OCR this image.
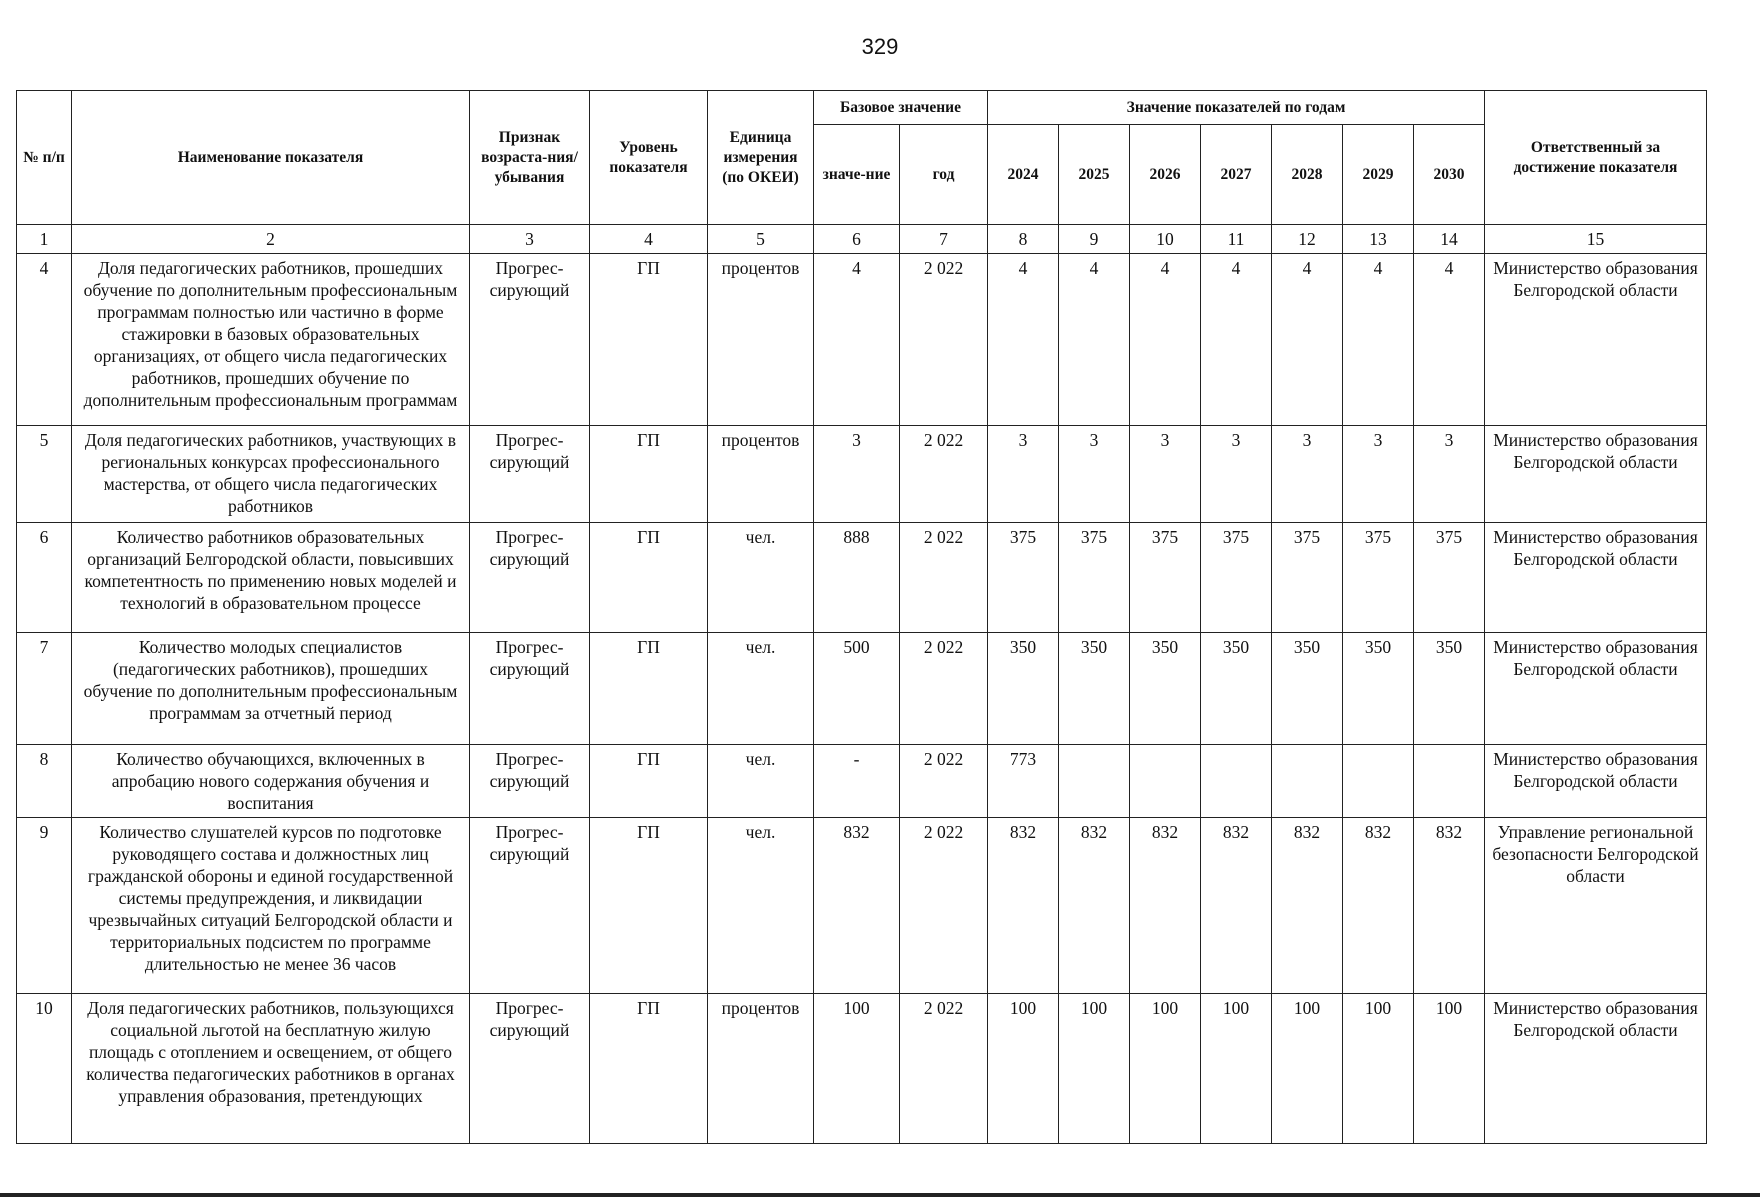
329
№ п/п	Наименование показателя	Признак возраста-ния/ убывания	Уровень показателя	Единица измерения (по ОКЕИ)	Базовое значение		Значение показателей по годам							Ответственный за достижение показателя
					значе-ние	год	2024	2025	2026	2027	2028	2029	2030	
1	2	3	4	5	6	7	8	9	10	11	12	13	14	15
4	Доля педагогических работников, прошедших обучение по дополнительным профессиональным программам полностью или частично в форме стажировки в базовых образовательных организациях, от общего числа педагогических работников, прошедших обучение по дополнительным профессиональным программам	Прогрес-сирующий	ГП	процентов	4	2 022	4	4	4	4	4	4	4	Министерство образования Белгородской области
5	Доля педагогических работников, участвующих в региональных конкурсах профессионального мастерства, от общего числа педагогических работников	Прогрес-сирующий	ГП	процентов	3	2 022	3	3	3	3	3	3	3	Министерство образования Белгородской области
6	Количество работников образовательных организаций Белгородской области, повысивших компетентность по применению новых моделей и технологий в образовательном процессе	Прогрес-сирующий	ГП	чел.	888	2 022	375	375	375	375	375	375	375	Министерство образования Белгородской области
7	Количество молодых специалистов (педагогических работников), прошедших обучение по дополнительным профессиональным программам за отчетный период	Прогрес-сирующий	ГП	чел.	500	2 022	350	350	350	350	350	350	350	Министерство образования Белгородской области
8	Количество обучающихся, включенных в апробацию нового содержания обучения и воспитания	Прогрес-сирующий	ГП	чел.	-	2 022	773							Министерство образования Белгородской области
9	Количество слушателей курсов по подготовке руководящего состава и должностных лиц гражданской обороны и единой государственной системы предупреждения, и ликвидации чрезвычайных ситуаций Белгородской области и территориальных подсистем по программе длительностью не менее 36 часов	Прогрес-сирующий	ГП	чел.	832	2 022	832	832	832	832	832	832	832	Управление региональной безопасности Белгородской области
10	Доля педагогических работников, пользующихся социальной льготой на бесплатную жилую площадь с отоплением и освещением, от общего количества педагогических работников в органах управления образования, претендующих	Прогрес-сирующий	ГП	процентов	100	2 022	100	100	100	100	100	100	100	Министерство образования Белгородской области
